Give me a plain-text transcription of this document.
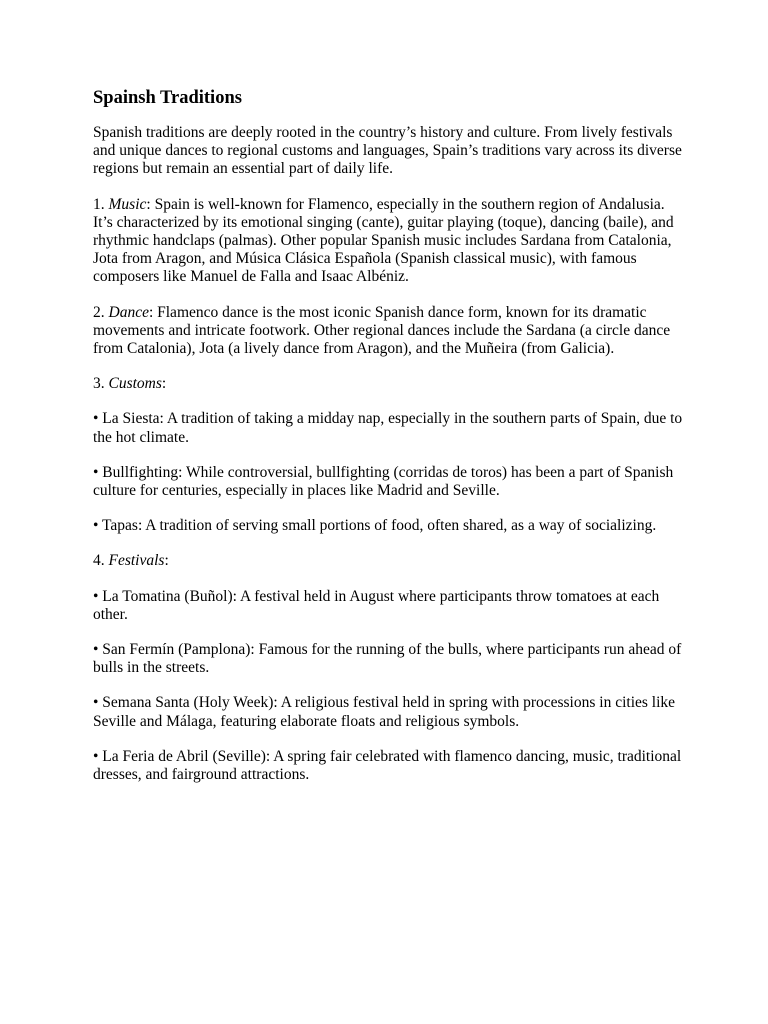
Spainsh Traditions

Spanish traditions are deeply rooted in the country’s history and culture. From lively festivals and unique dances to regional customs and languages, Spain’s traditions vary across its diverse regions but remain an essential part of daily life.

1. Music: Spain is well-known for Flamenco, especially in the southern region of Andalusia. It’s characterized by its emotional singing (cante), guitar playing (toque), dancing (baile), and rhythmic handclaps (palmas). Other popular Spanish music includes Sardana from Catalonia, Jota from Aragon, and Música Clásica Española (Spanish classical music), with famous composers like Manuel de Falla and Isaac Albéniz.

2. Dance: Flamenco dance is the most iconic Spanish dance form, known for its dramatic movements and intricate footwork. Other regional dances include the Sardana (a circle dance from Catalonia), Jota (a lively dance from Aragon), and the Muñeira (from Galicia).

3. Customs:

• La Siesta: A tradition of taking a midday nap, especially in the southern parts of Spain, due to the hot climate.

• Bullfighting: While controversial, bullfighting (corridas de toros) has been a part of Spanish culture for centuries, especially in places like Madrid and Seville.

• Tapas: A tradition of serving small portions of food, often shared, as a way of socializing.

4. Festivals:

• La Tomatina (Buñol): A festival held in August where participants throw tomatoes at each other.

• San Fermín (Pamplona): Famous for the running of the bulls, where participants run ahead of bulls in the streets.

• Semana Santa (Holy Week): A religious festival held in spring with processions in cities like Seville and Málaga, featuring elaborate floats and religious symbols.

• La Feria de Abril (Seville): A spring fair celebrated with flamenco dancing, music, traditional dresses, and fairground attractions.
